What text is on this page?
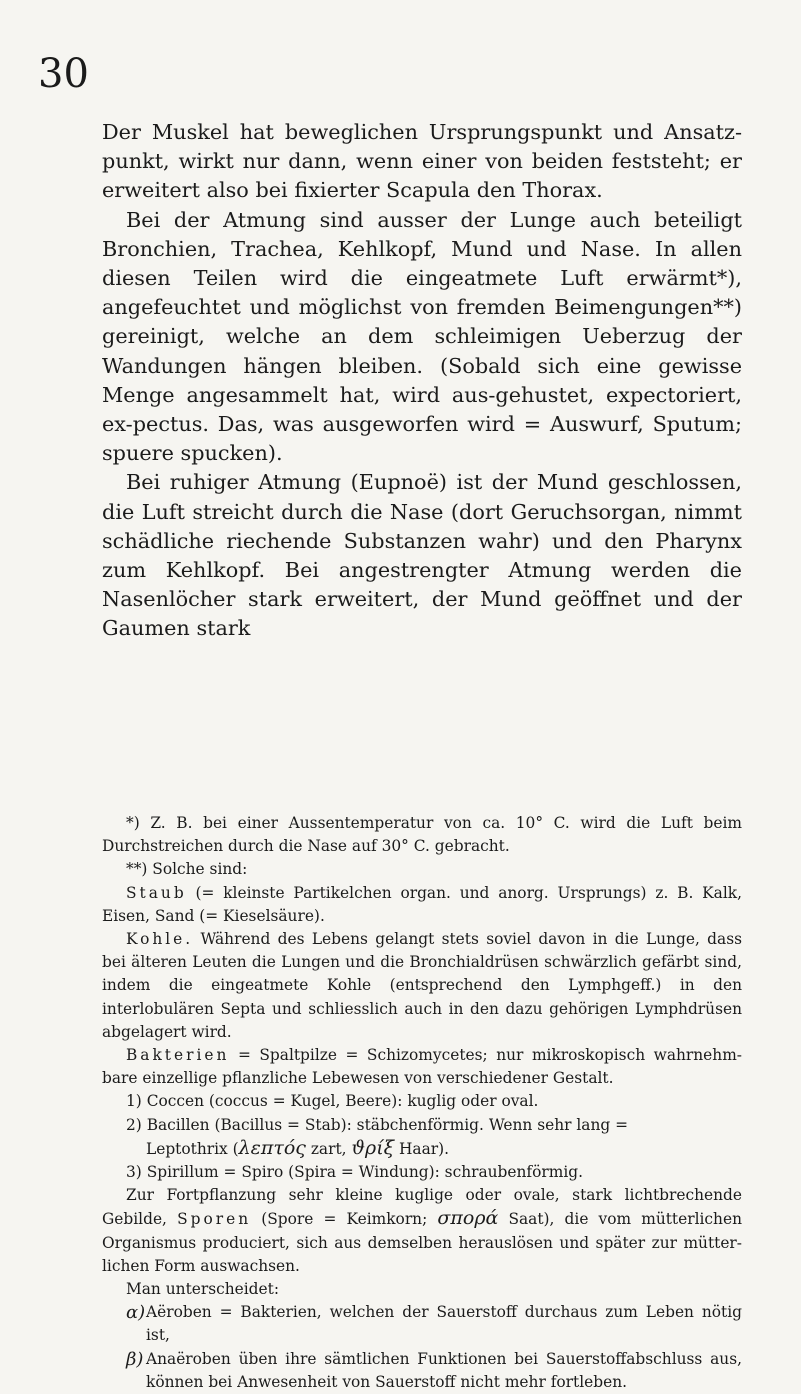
30

Der Muskel hat beweglichen Ursprungspunkt und Ansatz-punkt, wirkt nur dann, wenn einer von beiden feststeht; er erweitert also bei fixierter Scapula den Thorax.

Bei der Atmung sind ausser der Lunge auch beteiligt Bronchien, Trachea, Kehlkopf, Mund und Nase. In allen diesen Teilen wird die eingeatmete Luft erwärmt*), angefeuchtet und möglichst von fremden Beimengungen**) gereinigt, welche an dem schleimigen Ueberzug der Wandungen hängen bleiben. (Sobald sich eine gewisse Menge angesammelt hat, wird aus-gehustet, expectoriert, ex-pectus. Das, was ausgeworfen wird = Auswurf, Sputum; spuere spucken).

Bei ruhiger Atmung (Eupnoë) ist der Mund geschlossen, die Luft streicht durch die Nase (dort Geruchsorgan, nimmt schädliche riechende Substanzen wahr) und den Pharynx zum Kehlkopf. Bei angestrengter Atmung werden die Nasenlöcher stark erweitert, der Mund geöffnet und der Gaumen stark

*) Z. B. bei einer Aussentemperatur von ca. 10° C. wird die Luft beim Durchstreichen durch die Nase auf 30° C. gebracht.

**) Solche sind:

Staub (= kleinste Partikelchen organ. und anorg. Ursprungs) z. B. Kalk, Eisen, Sand (= Kieselsäure).

Kohle. Während des Lebens gelangt stets soviel davon in die Lunge, dass bei älteren Leuten die Lungen und die Bronchialdrüsen schwärzlich gefärbt sind, indem die eingeatmete Kohle (entsprechend den Lymphgeff.) in den interlobulären Septa und schliesslich auch in den dazu gehörigen Lymphdrüsen abgelagert wird.

Bakterien = Spaltpilze = Schizomycetes; nur mikroskopisch wahrnehm-bare einzellige pflanzliche Lebewesen von verschiedener Gestalt.

1) Coccen (coccus = Kugel, Beere): kuglig oder oval.

2) Bacillen (Bacillus = Stab): stäbchenförmig. Wenn sehr lang =

Leptothrix (λεπτός zart, ϑρίξ Haar).

3) Spirillum = Spiro (Spira = Windung): schraubenförmig.

Zur Fortpflanzung sehr kleine kuglige oder ovale, stark lichtbrechende Gebilde, Sporen (Spore = Keimkorn; σπορά Saat), die vom mütterlichen Organismus produciert, sich aus demselben herauslösen und später zur mütter-lichen Form auswachsen.

Man unterscheidet:

α) Aëroben = Bakterien, welchen der Sauerstoff durchaus zum Leben nötig ist,

β) Anaëroben üben ihre sämtlichen Funktionen bei Sauerstoffabschluss aus, können bei Anwesenheit von Sauerstoff nicht mehr fortleben.
